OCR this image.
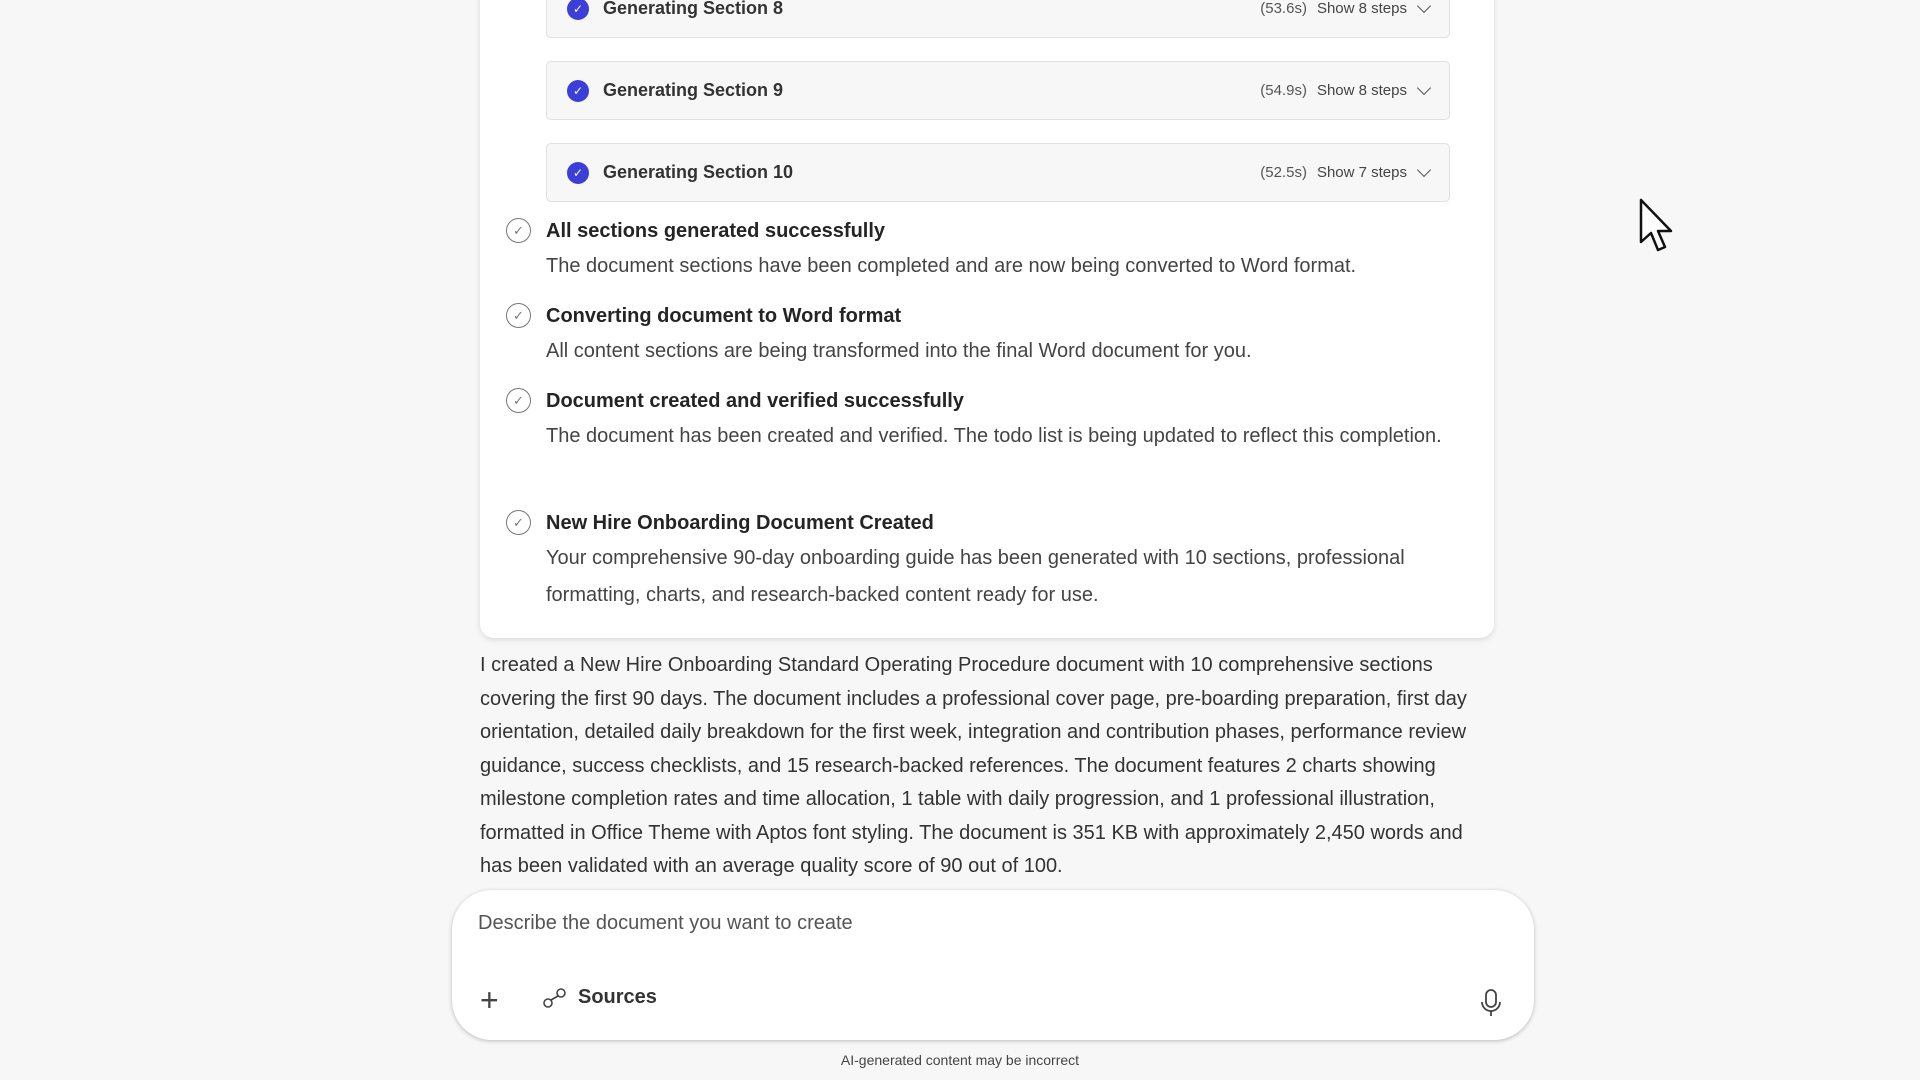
✓	Generating Section 8	(53.6s) Show 8 steps
✓	Generating Section 9	(54.9s) Show 8 steps
✓	Generating Section 10	(52.5s) Show 7 steps
✓	All sections generated successfully
The document sections have been completed and are now being converted to Word format.
✓	Converting document to Word format
All content sections are being transformed into the final Word document for you.
✓	Document created and verified successfully
The document has been created and verified. The todo list is being updated to reflect this completion.
✓	New Hire Onboarding Document Created
Your comprehensive 90-day onboarding guide has been generated with 10 sections, professional formatting, charts, and research-backed content ready for use.
I created a New Hire Onboarding Standard Operating Procedure document with 10 comprehensive sections covering the first 90 days. The document includes a professional cover page, pre-boarding preparation, first day orientation, detailed daily breakdown for the first week, integration and contribution phases, performance review guidance, success checklists, and 15 research-backed references. The document features 2 charts showing milestone completion rates and time allocation, 1 table with daily progression, and 1 professional illustration, formatted in Office Theme with Aptos font styling. The document is 351 KB with approximately 2,450 words and has been validated with an average quality score of 90 out of 100.
Describe the document you want to create
+	Sources
AI-generated content may be incorrect
